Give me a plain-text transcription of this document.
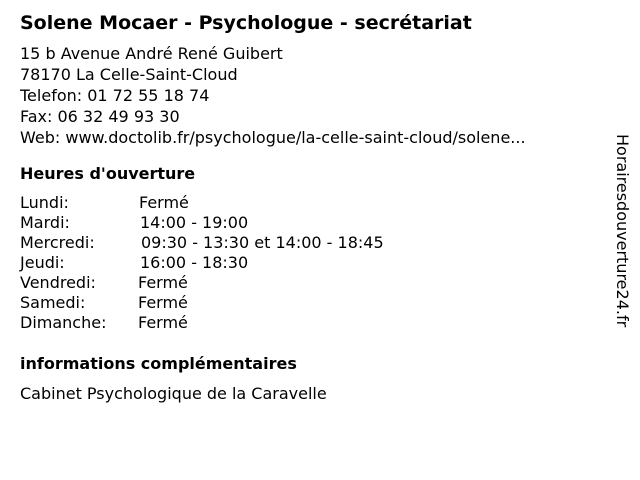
Solene Mocaer - Psychologue - secrétariat
15 b Avenue André René Guibert
78170 La Celle-Saint-Cloud
Telefon: 01 72 55 18 74
Fax: 06 32 49 93 30
Web: www.doctolib.fr/psychologue/la-celle-saint-cloud/solene...
Heures d'ouverture
Lundi:	Fermé
Mardi:	14:00 - 19:00
Mercredi:	09:30 - 13:30 et 14:00 - 18:45
Jeudi:	16:00 - 18:30
Vendredi:	Fermé
Samedi:	Fermé
Dimanche: Fermé
informations complémentaires
Cabinet Psychologique de la Caravelle
Horairesdouverture24.fr
